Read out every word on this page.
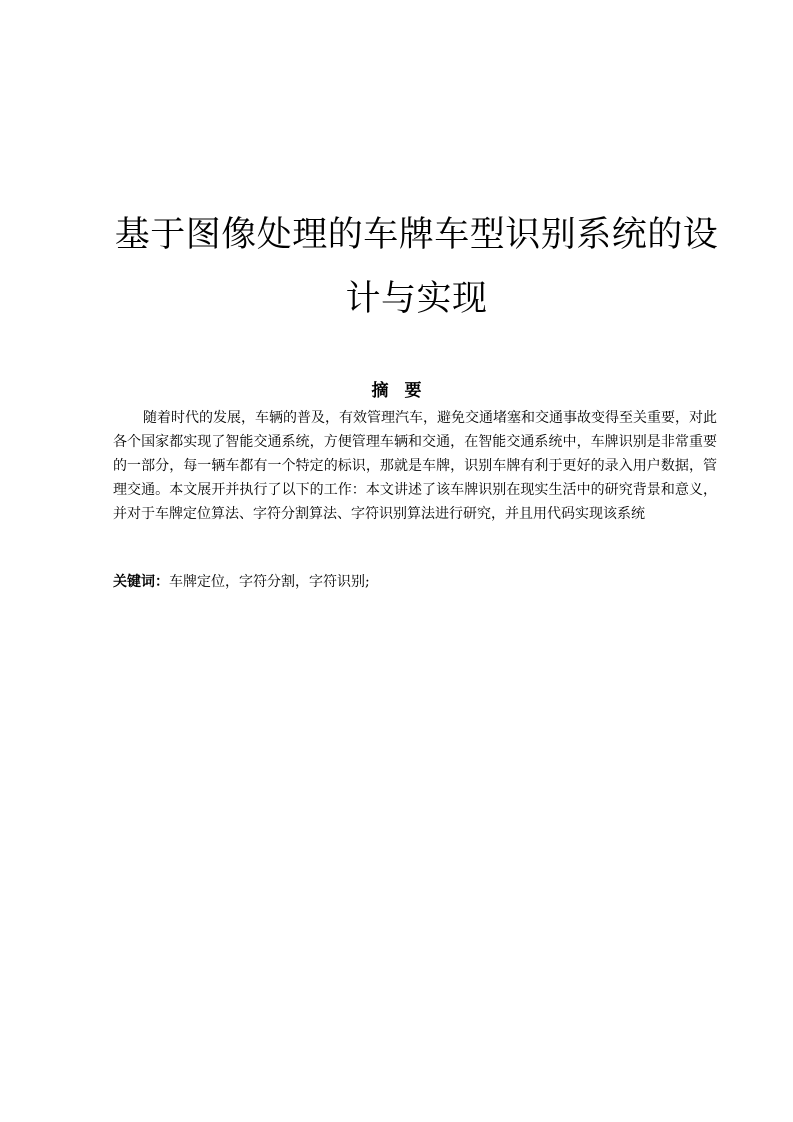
基于图像处理的车牌车型识别系统的设
计与实现
摘要

随着时代的发展，车辆的普及，有效管理汽车，避免交通堵塞和交通事故变得至关重要，对此各个国家都实现了智能交通系统，方便管理车辆和交通，在智能交通系统中，车牌识别是非常重要的一部分，每一辆车都有一个特定的标识，那就是车牌，识别车牌有利于更好的录入用户数据，管理交通。本文展开并执行了以下的工作：本文讲述了该车牌识别在现实生活中的研究背景和意义，并对于车牌定位算法、字符分割算法、字符识别算法进行研究，并且用代码实现该系统

关键词：车牌定位，字符分割，字符识别;
